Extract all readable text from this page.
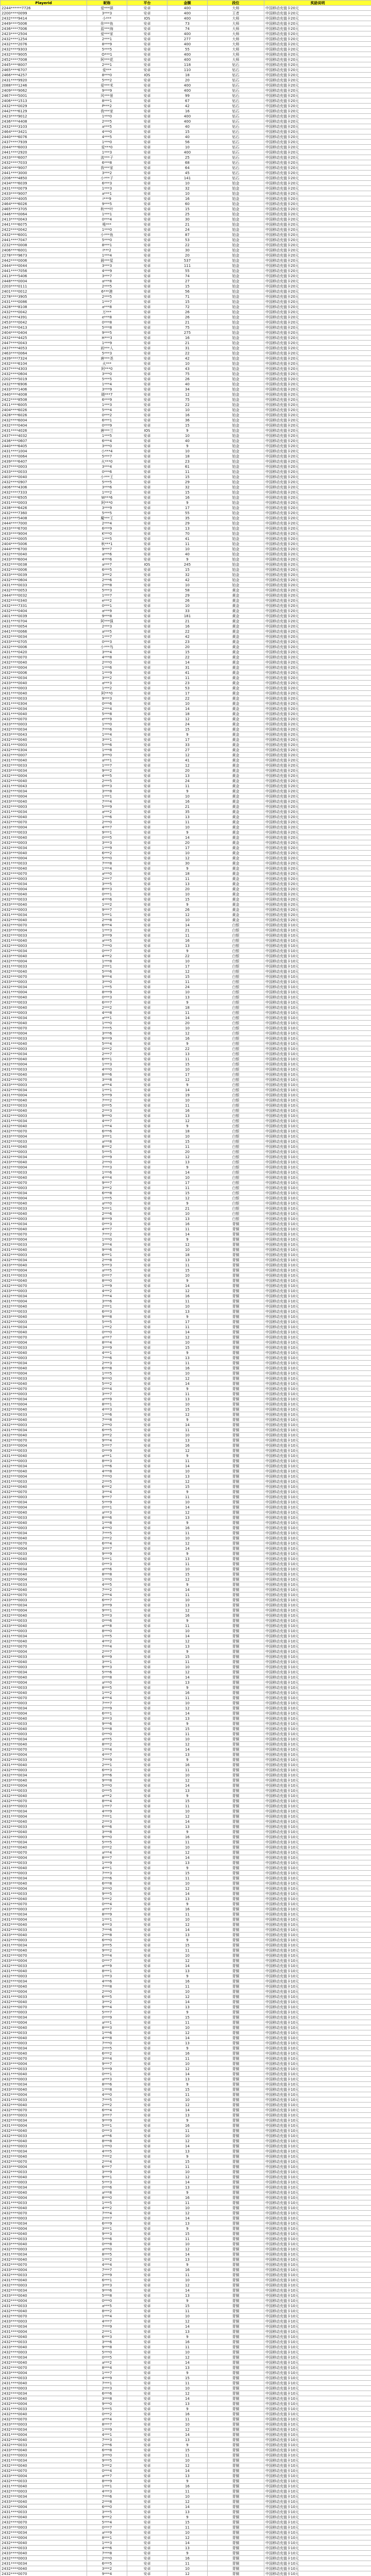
Playerid	昵称	平台	金额	段位	奖励说明
2244******7726	爱***骐	安卓	400	大师	中国移动充值卡20元
2200****0099	3***3	安卓	400	王者	中国移动充值卡20元
2432****9414	小***	IOS	400	大师	中国移动充值卡20元
2449****5006	你***鱼	安卓	73	大师	中国移动充值卡20元
2436****7006	蓝***海	安卓	74	大师	中国移动充值卡20元
2423****2504	爱***家	安卓	400	大师	中国移动充值卡20元
2432****1254	2***1	安卓	277	大师	中国移动充值卡20元
2432****2076	8***9	安卓	400	大师	中国移动充值卡20元
2432****9303	5***5	安卓	55	大师	中国移动充值卡20元
2432****9005	O***1	安卓	400	大师	中国移动充值卡20元
2452****7008	阿***花	安卓	400	大师	中国移动充值卡20元
2445****8007	2***1	安卓	118	钻石	中国移动充值卡20元
2465****6707	爱***	安卓	110	钻石	中国移动充值卡20元
2466****4257	8***0	IOS	18	钻石	中国移动充值卡20元
2431****9920	5***2	安卓	20	钻石	中国移动充值卡20元
2088****1246	爱***米	安卓	400	钻石	中国移动充值卡20元
2409****9062	9***9	安卓	400	钻石	中国移动充值卡20元
2467****5001	风***景	安卓	99	钻石	中国移动充值卡20元
2406****1513	8***1	安卓	67	钻石	中国移动充值卡20元
2432****0029	P***2	安卓	42	钻石	中国移动充值卡20元
2442****6129	我***家	安卓	16	钻石	中国移动充值卡20元
2423****9012	1***0	安卓	400	钻石	中国移动充值卡20元
2436****4408	2***5	安卓	400	钻石	中国移动充值卡20元
2432****3103	a***5	安卓	40	钻石	中国移动充值卡20元
2464****3421	4***0	安卓	15	钻石	中国移动充值卡20元
2440****6076	4***5	安卓	40	钻石	中国移动充值卡20元
2437****7939	1***0	安卓	56	钻石	中国移动充值卡20元
2044****6003	爱***0	安卓	10	钻石	中国移动充值卡20元
2441****2920	1***3	安卓	400	钻石	中国移动充值卡20元
2433****6007	流***子	安卓	25	钻石	中国移动充值卡20元
2432****7033	6***8	安卓	68	钻石	中国移动充值卡20元
2404****9007	我***家	安卓	64	钻石	中国移动充值卡20元
2441****3000	3***2	安卓	45	钻石	中国移动充值卡20元
2206****4850	小***子	安卓	141	钻石	中国移动充值卡20元
2434****6039	6***3	安卓	10	铂金	中国移动充值卡20元
2431****0079	1***3	安卓	32	铂金	中国移动充值卡20元
2433****9007	a***1	安卓	10	铂金	中国移动充值卡20元
2205****4005	i***9	安卓	16	铂金	中国移动充值卡20元
2464****6026	9***5	安卓	60	铂金	中国移动充值卡20元
2465****3705	秋***叶	安卓	15	铂金	中国移动充值卡20元
2446****0064	1***1	安卓	25	铂金	中国移动充值卡20元
2413****0043	0***4	安卓	30	铂金	中国移动充值卡20元
2441****6075	唯***	安卓	21	铂金	中国移动充值卡20元
2422****0042	1***0	安卓	24	铂金	中国移动充值卡20元
2432****6001	小***鱼	安卓	87	铂金	中国移动充值卡20元
2441****7047	5***0	安卓	53	铂金	中国移动充值卡20元
2232****0008	8***1	安卓	22	铂金	中国移动充值卡20元
2406****6001	I***2	安卓	30	铂金	中国移动充值卡20元
2278****9673	1***4	安卓	20	铂金	中国移动充值卡20元
2442****0006	晨***星	安卓	537	铂金	中国移动充值卡20元
2444****0044	3***3	安卓	111	铂金	中国移动充值卡20元
2441****7056	4***9	安卓	55	铂金	中国移动充值卡20元
2413****5406	3***7	安卓	74	铂金	中国移动充值卡20元
2448****0004	a***8	安卓	27	铂金	中国移动充值卡20元
2203****0111	2***5	安卓	15	铂金	中国移动充值卡20元
2401****0012	6***港	安卓	56	铂金	中国移动充值卡20元
2278****3905	2***5	安卓	71	铂金	中国移动充值卡20元
2431****0086	1***7	安卓	15	铂金	中国移动充值卡20元
2428****8108	a***8	安卓	72	铂金	中国移动充值卡20元
2432****0042	万***	安卓	26	铂金	中国移动充值卡20元
2422****4391	e***8	安卓	26	铂金	中国移动充值卡20元
2453****0042	0***8	安卓	21	铂金	中国移动充值卡20元
2447****0413	5***8	安卓	75	铂金	中国移动充值卡20元
2404****0404	9***5	安卓	275	铂金	中国移动充值卡20元
2432****4425	H***3	安卓	16	铂金	中国移动充值卡20元
2447****0043	1***9	安卓	21	铂金	中国移动充值卡20元
2437****4053	雨***人	安卓	31	铂金	中国移动充值卡20元
2463****0064	5***3	安卓	22	铂金	中国移动充值卡20元
2439****7324	唐***尧	安卓	42	铂金	中国移动充值卡20元
2432****6104	火***	安卓	10	铂金	中国移动充值卡20元
2437****4303	阿***0	安卓	43	铂金	中国移动充值卡20元
2432****0604	3***0	安卓	75	铂金	中国移动充值卡20元
2202****5019	5***5	安卓	26	铂金	中国移动充值卡20元
2432****6906	1***4	安卓	40	铂金	中国移动充值卡20元
2433****1406	3***9	安卓	34	铂金	中国移动充值卡20元
2440****4008	晓***7	安卓	12	铂金	中国移动充值卡20元
2422****8508	6***9	安卓	75	铂金	中国移动充值卡20元
2411****6005	1***3	安卓	22	铂金	中国移动充值卡20元
2404****6026	5***4	安卓	10	铂金	中国移动充值卡20元
2428****6026	0***2	安卓	16	铂金	中国移动充值卡20元
2432****6004	6***1	安卓	36	铂金	中国移动充值卡20元
2432****0404	0***9	安卓	15	铂金	中国移动充值卡20元
2431****4026	唐***兰	IOS	9	铂金	中国移动充值卡20元
2437****4032	1***5	安卓	10	铂金	中国移动充值卡20元
2436****0607	6***4	安卓	40	铂金	中国移动充值卡20元
2440****6405	3***0	安卓	9	铂金	中国移动充值卡20元
2431****1004	小***4	安卓	10	铂金	中国移动充值卡20元
2431****0064	5***7	安卓	18	铂金	中国移动充值卡20元
2439****6407	火***0	安卓	23	铂金	中国移动充值卡20元
2437****0003	3***4	安卓	61	铂金	中国移动充值卡20元
2433****0033	0***6	安卓	11	铂金	中国移动充值卡20元
2403****0040	小***王	安卓	15	铂金	中国移动充值卡20元
2432****0907	5***5	安卓	29	铂金	中国移动充值卡20元
2406****4306	3***6	安卓	32	铂金	中国移动充值卡20元
2432****7333	1***2	安卓	15	铂金	中国移动充值卡20元
2432****6505	W***6	安卓	16	铂金	中国移动充值卡20元
2431****0003	阿***0	安卓	9	铂金	中国移动充值卡20元
2438****6426	3***9	安卓	17	铂金	中国移动充值卡20元
2432****7360	5***5	安卓	55	铂金	中国移动充值卡20元
2433****5408	魔***王	安卓	35	铂金	中国移动充值卡20元
2444****7000	2***4	安卓	29	铂金	中国移动充值卡20元
2433****6700	6***9	安卓	13	铂金	中国移动充值卡20元
2433****9004	K***0	安卓	70	铂金	中国移动充值卡20元
2432****0005	1***5	安卓	41	铂金	中国移动充值卡20元
2404****5006	秋***1	安卓	11	铂金	中国移动充值卡20元
2444****6700	9***7	安卓	10	铂金	中国移动充值卡20元
2432****0040	a***6	安卓	40	铂金	中国移动充值卡20元
2433****6004	4***6	安卓	9	铂金	中国移动充值卡20元
2432****0038	a***7	IOS	245	铂金	中国移动充值卡20元
2432****0006	6***5	安卓	15	铂金	中国移动充值卡20元
2433****0039	3***2	安卓	32	铂金	中国移动充值卡20元
2432****0604	2***6	安卓	42	铂金	中国移动充值卡20元
2431****0033	2***8	安卓	10	铂金	中国移动充值卡20元
2432****0053	5***3	安卓	58	黄金	中国移动充值卡20元
2444****0032	1***7	安卓	29	黄金	中国移动充值卡20元
2432****0340	e***2	安卓	26	黄金	中国移动充值卡20元
2432****7331	0***1	安卓	10	黄金	中国移动充值卡20元
2432****0404	a***9	安卓	33	黄金	中国移动充值卡20元
2401****0039	9***8	安卓	181	黄金	中国移动充值卡20元
2431****0704	阿***强	安卓	21	黄金	中国移动充值卡20元
2432****0054	2***3	安卓	16	黄金	中国移动充值卡20元
2441****0066	a***5	安卓	22	黄金	中国移动充值卡20元
2432****0034	1***7	安卓	42	黄金	中国移动充值卡20元
2433****0705	0***3	安卓	23	黄金	中国移动充值卡20元
2432****0006	小***鸟	安卓	20	黄金	中国移动充值卡20元
2431****0420	3***4	安卓	15	黄金	中国移动充值卡20元
2432****0070	4***8	安卓	22	黄金	中国移动充值卡20元
2432****0040	2***0	安卓	14	黄金	中国移动充值卡20元
2433****0004	1***6	安卓	31	黄金	中国移动充值卡20元
2432****0006	1***9	安卓	41	黄金	中国移动充值卡20元
2432****0034	3***2	安卓	11	黄金	中国移动充值卡20元
2433****0040	a***3	安卓	23	黄金	中国移动充值卡20元
2432****0003	1***2	安卓	53	黄金	中国移动充值卡20元
2431****0040	阿***0	安卓	17	黄金	中国移动充值卡20元
2432****0033	9***3	安卓	22	黄金	中国移动充值卡20元
2431****0304	0***6	安卓	10	黄金	中国移动充值卡20元
2432****0034	2***4	安卓	14	黄金	中国移动充值卡20元
2431****0040	5***8	安卓	18	黄金	中国移动充值卡20元
2432****0070	e***9	安卓	12	黄金	中国移动充值卡20元
2433****0003	1***0	安卓	24	黄金	中国移动充值卡20元
2432****0034	7***6	安卓	15	黄金	中国移动充值卡20元
2433****0043	1***4	安卓	9	黄金	中国移动充值卡20元
2432****0040	3***1	安卓	17	黄金	中国移动充值卡20元
2431****0003	5***6	安卓	33	黄金	中国移动充值卡20元
2432****0304	1***8	安卓	27	黄金	中国移动充值卡20元
2432****0007	3***0	安卓	12	黄金	中国移动充值卡20元
2431****0040	a***1	安卓	41	黄金	中国移动充值卡20元
2432****0033	1***7	安卓	12	黄金	中国移动充值卡20元
2433****0034	9***2	安卓	20	黄金	中国移动充值卡20元
2432****0004	4***5	安卓	13	黄金	中国移动充值卡20元
2432****0040	2***5	安卓	24	黄金	中国移动充值卡20元
2431****0043	0***3	安卓	11	黄金	中国移动充值卡20元
2432****0034	3***8	安卓	9	黄金	中国移动充值卡20元
2432****0004	1***1	安卓	10	黄金	中国移动充值卡20元
2433****0040	7***4	安卓	16	黄金	中国移动充值卡20元
2432****0003	5***9	安卓	21	黄金	中国移动充值卡20元
2431****0034	a***2	安卓	35	黄金	中国移动充值卡20元
2432****0040	1***6	安卓	13	黄金	中国移动充值卡20元
2432****0070	2***0	安卓	11	黄金	中国移动充值卡20元
2433****0004	4***7	安卓	10	黄金	中国移动充值卡20元
2432****0033	9***1	安卓	9	黄金	中国移动充值卡20元
2431****0040	0***5	安卓	14	黄金	中国移动充值卡20元
2432****0003	3***3	安卓	20	黄金	中国移动充值卡20元
2432****0034	1***9	安卓	17	黄金	中国移动充值卡20元
2433****0040	6***2	安卓	10	黄金	中国移动充值卡20元
2432****0004	5***0	安卓	12	黄金	中国移动充值卡20元
2431****0033	7***8	安卓	30	黄金	中国移动充值卡20元
2432****0040	1***4	安卓	9	黄金	中国移动充值卡20元
2432****0070	a***0	安卓	18	黄金	中国移动充值卡20元
2433****0003	2***7	安卓	11	黄金	中国移动充值卡20元
2432****0034	3***5	安卓	13	黄金	中国移动充值卡20元
2431****0004	8***3	安卓	20	黄金	中国移动充值卡20元
2432****0040	0***1	安卓	10	黄金	中国移动充值卡20元
2432****0033	4***6	安卓	15	黄金	中国移动充值卡20元
2433****0040	1***2	安卓	9	黄金	中国移动充值卡20元
2432****0003	9***7	安卓	26	黄金	中国移动充值卡20元
2431****0034	5***1	安卓	12	黄金	中国移动充值卡20元
2432****0040	2***8	安卓	10	黄金	中国移动充值卡20元
2432****0070	6***4	安卓	14	白银	中国移动充值卡10元
2433****0004	1***3	安卓	21	白银	中国移动充值卡10元
2432****0033	3***9	安卓	11	白银	中国移动充值卡10元
2431****0040	a***5	安卓	16	白银	中国移动充值卡10元
2432****0003	7***0	安卓	13	白银	中国移动充值卡10元
2432****0034	0***7	安卓	9	白银	中国移动充值卡10元
2433****0040	4***2	安卓	22	白银	中国移动充值卡10元
2432****0004	1***8	安卓	10	白银	中国移动充值卡10元
2431****0033	2***1	安卓	17	白银	中国移动充值卡10元
2432****0040	5***6	安卓	12	白银	中国移动充值卡10元
2432****0070	9***4	安卓	15	白银	中国移动充值卡10元
2433****0003	3***0	安卓	11	白银	中国移动充值卡10元
2432****0034	1***5	安卓	24	白银	中国移动充值卡10元
2431****0004	8***9	安卓	10	白银	中国移动充值卡10元
2432****0040	0***3	安卓	13	白银	中国移动充值卡10元
2432****0033	6***7	安卓	9	白银	中国移动充值卡10元
2433****0040	2***2	安卓	18	白银	中国移动充值卡10元
2432****0003	4***8	安卓	11	白银	中国移动充值卡10元
2431****0034	a***1	安卓	14	白银	中国移动充值卡10元
2432****0040	1***0	安卓	20	白银	中国移动充值卡10元
2432****0070	7***5	安卓	10	白银	中国移动充值卡10元
2433****0004	3***6	安卓	12	白银	中国移动充值卡10元
2432****0033	9***9	安卓	16	白银	中国移动充值卡10元
2431****0040	5***4	安卓	9	白银	中国移动充值卡10元
2432****0003	0***2	安卓	22	白银	中国移动充值卡10元
2432****0034	2***7	安卓	13	白银	中国移动充值卡10元
2433****0040	6***1	安卓	11	白银	中国移动充值卡10元
2432****0004	1***3	安卓	15	白银	中国移动充值卡10元
2431****0033	4***0	安卓	10	白银	中国移动充值卡10元
2432****0040	8***6	安卓	17	白银	中国移动充值卡10元
2432****0070	3***8	安卓	12	白银	中国移动充值卡10元
2433****0003	a***4	安卓	9	白银	中国移动充值卡10元
2432****0034	1***1	安卓	14	白银	中国移动充值卡10元
2431****0004	5***9	安卓	19	白银	中国移动充值卡10元
2432****0040	7***2	安卓	10	白银	中国移动充值卡10元
2432****0033	0***5	安卓	11	白银	中国移动充值卡10元
2433****0040	2***3	安卓	16	白银	中国移动充值卡10元
2432****0003	9***0	安卓	13	白银	中国移动充值卡10元
2431****0034	4***7	安卓	12	白银	中国移动充值卡10元
2432****0040	1***4	安卓	9	白银	中国移动充值卡10元
2432****0070	6***6	安卓	18	白银	中国移动充值卡10元
2433****0004	3***1	安卓	10	白银	中国移动充值卡10元
2432****0033	a***8	安卓	15	白银	中国移动充值卡10元
2431****0040	8***2	安卓	11	白银	中国移动充值卡10元
2432****0003	5***5	安卓	20	白银	中国移动充值卡10元
2432****0034	0***9	安卓	12	白银	中国移动充值卡10元
2433****0040	2***0	安卓	13	白银	中国移动充值卡10元
2432****0004	7***3	安卓	9	白银	中国移动充值卡10元
2431****0033	1***6	安卓	14	白银	中国移动充值卡10元
2432****0040	4***4	安卓	10	白银	中国移动充值卡10元
2432****0070	9***7	安卓	17	白银	中国移动充值卡10元
2433****0003	3***2	安卓	11	白银	中国移动充值卡10元
2432****0034	6***8	安卓	15	白银	中国移动充值卡10元
2431****0004	1***5	安卓	12	白银	中国移动充值卡10元
2432****0040	a***0	安卓	9	白银	中国移动充值卡10元
2432****0033	5***1	安卓	21	白银	中国移动充值卡10元
2433****0040	2***6	安卓	10	白银	中国移动充值卡10元
2432****0003	8***9	安卓	13	白银	中国移动充值卡10元
2431****0034	0***3	安卓	16	青铜	中国移动充值卡10元
2432****0040	4***7	安卓	11	青铜	中国移动充值卡10元
2432****0070	7***2	安卓	14	青铜	中国移动充值卡10元
2433****0004	1***0	安卓	9	青铜	中国移动充值卡10元
2432****0033	3***4	安卓	12	青铜	中国移动充值卡10元
2431****0040	9***6	安卓	10	青铜	中国移动充值卡10元
2432****0003	6***1	安卓	18	青铜	中国移动充值卡10元
2432****0034	2***8	安卓	13	青铜	中国移动充值卡10元
2433****0040	5***3	安卓	11	青铜	中国移动充值卡10元
2432****0004	a***5	安卓	15	青铜	中国移动充值卡10元
2431****0033	0***7	安卓	10	青铜	中国移动充值卡10元
2432****0040	8***0	安卓	9	青铜	中国移动充值卡10元
2432****0070	1***9	安卓	14	青铜	中国移动充值卡10元
2433****0003	4***2	安卓	12	青铜	中国移动充值卡10元
2432****0034	7***4	安卓	16	青铜	中国移动充值卡10元
2431****0004	3***6	安卓	11	青铜	中国移动充值卡10元
2432****0040	2***1	安卓	10	青铜	中国移动充值卡10元
2432****0033	6***3	安卓	13	青铜	中国移动充值卡10元
2433****0040	9***8	安卓	9	青铜	中国移动充值卡10元
2432****0003	5***5	安卓	17	青铜	中国移动充值卡10元
2431****0034	1***2	安卓	11	青铜	中国移动充值卡10元
2432****0040	0***0	安卓	14	青铜	中国移动充值卡10元
2432****0070	a***7	安卓	12	青铜	中国移动充值卡10元
2433****0004	8***4	安卓	10	青铜	中国移动充值卡10元
2432****0033	3***9	安卓	15	青铜	中国移动充值卡10元
2431****0040	4***1	安卓	9	青铜	中国移动充值卡10元
2432****0003	7***6	安卓	13	青铜	中国移动充值卡10元
2432****0034	2***3	安卓	11	青铜	中国移动充值卡10元
2433****0040	6***8	安卓	16	青铜	中国移动充值卡10元
2432****0004	1***5	安卓	10	青铜	中国移动充值卡10元
2431****0033	9***0	安卓	12	青铜	中国移动充值卡10元
2432****0040	5***2	安卓	14	青铜	中国移动充值卡10元
2432****0070	0***4	安卓	9	青铜	中国移动充值卡10元
2433****0003	3***7	安卓	11	青铜	中国移动充值卡10元
2432****0034	a***9	安卓	13	青铜	中国移动充值卡10元
2431****0004	8***1	安卓	10	青铜	中国移动充值卡10元
2432****0040	4***3	安卓	15	青铜	中国移动充值卡10元
2432****0033	1***6	安卓	12	青铜	中国移动充值卡10元
2433****0040	7***8	安卓	9	青铜	中国移动充值卡10元
2432****0003	2***0	安卓	14	青铜	中国移动充值卡10元
2431****0034	6***5	安卓	11	青铜	中国移动充值卡10元
2432****0040	3***2	安卓	10	青铜	中国移动充值卡10元
2432****0070	9***4	安卓	13	青铜	中国移动充值卡10元
2433****0004	5***7	安卓	16	青铜	中国移动充值卡10元
2432****0033	0***9	安卓	12	青铜	中国移动充值卡10元
2431****0040	a***1	安卓	9	青铜	中国移动充值卡10元
2432****0003	8***3	安卓	11	青铜	中国移动充值卡10元
2432****0034	1***6	安卓	14	青铜	中国移动充值卡10元
2433****0040	4***8	安卓	10	青铜	中国移动充值卡10元
2432****0004	7***0	安卓	13	青铜	中国移动充值卡10元
2431****0033	2***5	安卓	12	青铜	中国移动充值卡10元
2432****0040	6***2	安卓	15	青铜	中国移动充值卡10元
2432****0070	3***4	安卓	9	青铜	中国移动充值卡10元
2433****0003	9***7	安卓	11	青铜	中国移动充值卡10元
2432****0034	5***9	安卓	10	青铜	中国移动充值卡10元
2431****0004	0***1	安卓	14	青铜	中国移动充值卡10元
2432****0040	a***3	安卓	12	青铜	中国移动充值卡10元
2432****0033	8***6	安卓	13	青铜	中国移动充值卡10元
2433****0040	1***8	安卓	9	青铜	中国移动充值卡10元
2432****0003	4***0	安卓	16	青铜	中国移动充值卡10元
2431****0034	7***5	安卓	11	青铜	中国移动充值卡10元
2432****0040	2***2	安卓	10	青铜	中国移动充值卡10元
2432****0070	6***4	安卓	12	青铜	中国移动充值卡10元
2433****0004	3***7	安卓	14	青铜	中国移动充值卡10元
2432****0033	9***9	安卓	9	青铜	中国移动充值卡10元
2431****0040	5***1	安卓	13	青铜	中国移动充值卡10元
2432****0003	0***3	安卓	11	青铜	中国移动充值卡10元
2432****0034	a***6	安卓	10	青铜	中国移动充值卡10元
2433****0040	8***8	安卓	15	青铜	中国移动充值卡10元
2432****0004	1***0	安卓	12	青铜	中国移动充值卡10元
2431****0033	4***5	安卓	9	青铜	中国移动充值卡10元
2432****0040	7***2	安卓	14	青铜	中国移动充值卡10元
2432****0070	2***4	安卓	11	青铜	中国移动充值卡10元
2433****0003	6***7	安卓	10	青铜	中国移动充值卡10元
2432****0034	3***9	安卓	13	青铜	中国移动充值卡10元
2431****0004	9***1	安卓	12	青铜	中国移动充值卡10元
2432****0040	5***3	安卓	16	青铜	中国移动充值卡10元
2432****0033	0***6	安卓	9	青铜	中国移动充值卡10元
2433****0040	a***8	安卓	11	青铜	中国移动充值卡10元
2432****0003	8***0	安卓	10	青铜	中国移动充值卡10元
2431****0034	1***5	安卓	14	青铜	中国移动充值卡10元
2432****0040	4***2	安卓	12	青铜	中国移动充值卡10元
2432****0070	7***4	安卓	13	青铜	中国移动充值卡10元
2433****0004	2***7	安卓	9	青铜	中国移动充值卡10元
2432****0033	6***9	安卓	15	青铜	中国移动充值卡10元
2431****0040	3***1	安卓	11	青铜	中国移动充值卡10元
2432****0003	9***3	安卓	10	青铜	中国移动充值卡10元
2432****0034	5***6	安卓	12	青铜	中国移动充值卡10元
2433****0040	0***8	安卓	14	青铜	中国移动充值卡10元
2432****0004	a***0	安卓	13	青铜	中国移动充值卡10元
2431****0033	8***5	安卓	9	青铜	中国移动充值卡10元
2432****0040	1***2	安卓	16	青铜	中国移动充值卡10元
2432****0070	4***4	安卓	11	青铜	中国移动充值卡10元
2433****0003	7***7	安卓	10	青铜	中国移动充值卡10元
2432****0034	2***9	安卓	12	青铜	中国移动充值卡10元
2431****0004	6***1	安卓	14	青铜	中国移动充值卡10元
2432****0040	3***3	安卓	13	青铜	中国移动充值卡10元
2432****0033	9***6	安卓	9	青铜	中国移动充值卡10元
2433****0040	5***8	安卓	15	青铜	中国移动充值卡10元
2432****0003	0***0	安卓	11	青铜	中国移动充值卡10元
2431****0034	a***5	安卓	10	青铜	中国移动充值卡10元
2432****0040	8***2	安卓	12	青铜	中国移动充值卡10元
2432****0070	1***4	安卓	14	青铜	中国移动充值卡10元
2433****0004	4***7	安卓	13	青铜	中国移动充值卡10元
2432****0033	7***9	安卓	9	青铜	中国移动充值卡10元
2431****0040	2***1	安卓	16	青铜	中国移动充值卡10元
2432****0003	6***3	安卓	11	青铜	中国移动充值卡10元
2432****0034	3***6	安卓	10	青铜	中国移动充值卡10元
2433****0040	9***8	安卓	12	青铜	中国移动充值卡10元
2432****0004	5***0	安卓	14	青铜	中国移动充值卡10元
2431****0033	0***5	安卓	13	青铜	中国移动充值卡10元
2432****0040	a***2	安卓	9	青铜	中国移动充值卡10元
2432****0070	8***4	安卓	15	青铜	中国移动充值卡10元
2433****0003	1***7	安卓	11	青铜	中国移动充值卡10元
2432****0034	4***9	安卓	10	青铜	中国移动充值卡10元
2431****0004	7***1	安卓	12	青铜	中国移动充值卡10元
2432****0040	2***3	安卓	14	青铜	中国移动充值卡10元
2432****0033	6***6	安卓	13	青铜	中国移动充值卡10元
2433****0040	3***8	安卓	9	青铜	中国移动充值卡10元
2432****0003	9***0	安卓	16	青铜	中国移动充值卡10元
2431****0034	5***5	安卓	11	青铜	中国移动充值卡10元
2432****0040	0***2	安卓	10	青铜	中国移动充值卡10元
2432****0070	a***4	安卓	12	青铜	中国移动充值卡10元
2433****0004	8***7	安卓	14	青铜	中国移动充值卡10元
2432****0033	1***9	安卓	13	青铜	中国移动充值卡10元
2431****0040	4***1	安卓	9	青铜	中国移动充值卡10元
2432****0003	7***3	安卓	15	青铜	中国移动充值卡10元
2432****0034	2***6	安卓	11	青铜	中国移动充值卡10元
2433****0040	6***8	安卓	10	青铜	中国移动充值卡10元
2432****0004	3***0	安卓	12	青铜	中国移动充值卡10元
2431****0033	9***5	安卓	14	青铜	中国移动充值卡10元
2432****0040	5***2	安卓	13	青铜	中国移动充值卡10元
2432****0070	0***4	安卓	9	青铜	中国移动充值卡10元
2433****0003	a***7	安卓	16	青铜	中国移动充值卡10元
2432****0034	8***9	安卓	11	青铜	中国移动充值卡10元
2431****0004	1***1	安卓	10	青铜	中国移动充值卡10元
2432****0040	4***3	安卓	12	青铜	中国移动充值卡10元
2432****0033	7***6	安卓	14	青铜	中国移动充值卡10元
2433****0040	2***8	安卓	13	青铜	中国移动充值卡10元
2432****0003	6***0	安卓	9	青铜	中国移动充值卡10元
2431****0034	3***5	安卓	15	青铜	中国移动充值卡10元
2432****0040	9***2	安卓	11	青铜	中国移动充值卡10元
2432****0070	5***4	安卓	10	青铜	中国移动充值卡10元
2433****0004	0***7	安卓	12	青铜	中国移动充值卡10元
2432****0033	a***9	安卓	14	青铜	中国移动充值卡10元
2431****0040	8***1	安卓	13	青铜	中国移动充值卡10元
2432****0003	1***3	安卓	9	青铜	中国移动充值卡10元
2432****0034	4***6	安卓	16	青铜	中国移动充值卡10元
2433****0040	7***8	安卓	11	青铜	中国移动充值卡10元
2432****0004	2***0	安卓	10	青铜	中国移动充值卡10元
2431****0033	6***5	安卓	12	青铜	中国移动充值卡10元
2432****0040	3***2	安卓	14	青铜	中国移动充值卡10元
2432****0070	9***4	安卓	13	青铜	中国移动充值卡10元
2433****0003	5***7	安卓	9	青铜	中国移动充值卡10元
2432****0034	0***9	安卓	15	青铜	中国移动充值卡10元
2431****0004	a***1	安卓	11	青铜	中国移动充值卡10元
2432****0040	8***3	安卓	10	青铜	中国移动充值卡10元
2432****0033	1***6	安卓	12	青铜	中国移动充值卡10元
2433****0040	4***8	安卓	14	青铜	中国移动充值卡10元
2432****0003	7***0	安卓	13	青铜	中国移动充值卡10元
2431****0034	2***5	安卓	9	青铜	中国移动充值卡10元
2432****0040	6***2	安卓	16	青铜	中国移动充值卡10元
2432****0070	3***4	安卓	11	青铜	中国移动充值卡10元
2433****0004	9***7	安卓	10	青铜	中国移动充值卡10元
2432****0033	5***9	安卓	12	青铜	中国移动充值卡10元
2431****0040	0***1	安卓	14	青铜	中国移动充值卡10元
2432****0003	a***3	安卓	13	青铜	中国移动充值卡10元
2432****0034	8***6	安卓	9	青铜	中国移动充值卡10元
2433****0040	1***8	安卓	15	青铜	中国移动充值卡10元
2432****0004	4***0	安卓	11	青铜	中国移动充值卡10元
2431****0033	7***5	安卓	10	青铜	中国移动充值卡10元
2432****0040	2***2	安卓	12	青铜	中国移动充值卡10元
2432****0070	6***4	安卓	14	青铜	中国移动充值卡10元
2433****0003	3***7	安卓	13	青铜	中国移动充值卡10元
2432****0034	9***9	安卓	9	青铜	中国移动充值卡10元
2431****0004	5***1	安卓	16	青铜	中国移动充值卡10元
2432****0040	0***3	安卓	11	青铜	中国移动充值卡10元
2432****0033	a***6	安卓	10	青铜	中国移动充值卡10元
2433****0040	8***8	安卓	12	青铜	中国移动充值卡10元
2432****0003	1***0	安卓	14	青铜	中国移动充值卡10元
2431****0034	4***5	安卓	13	青铜	中国移动充值卡10元
2432****0040	7***2	安卓	9	青铜	中国移动充值卡10元
2432****0070	2***4	安卓	15	青铜	中国移动充值卡10元
2433****0004	6***7	安卓	11	青铜	中国移动充值卡10元
2432****0033	3***9	安卓	10	青铜	中国移动充值卡10元
2431****0040	9***1	安卓	12	青铜	中国移动充值卡10元
2432****0003	5***3	安卓	14	青铜	中国移动充值卡10元
2432****0034	0***6	安卓	13	青铜	中国移动充值卡10元
2433****0040	a***8	安卓	9	青铜	中国移动充值卡10元
2432****0004	8***0	安卓	16	青铜	中国移动充值卡10元
2431****0033	1***5	安卓	11	青铜	中国移动充值卡10元
2432****0040	4***2	安卓	10	青铜	中国移动充值卡10元
2432****0070	7***4	安卓	12	青铜	中国移动充值卡10元
2433****0003	2***7	安卓	14	青铜	中国移动充值卡10元
2432****0034	6***9	安卓	13	青铜	中国移动充值卡10元
2431****0004	3***1	安卓	9	青铜	中国移动充值卡10元
2432****0040	9***3	安卓	15	青铜	中国移动充值卡10元
2432****0033	5***6	安卓	11	青铜	中国移动充值卡10元
2433****0040	0***8	安卓	10	青铜	中国移动充值卡10元
2432****0003	a***0	安卓	12	青铜	中国移动充值卡10元
2431****0034	8***5	安卓	14	青铜	中国移动充值卡10元
2432****0040	1***2	安卓	13	青铜	中国移动充值卡10元
2432****0070	4***4	安卓	9	青铜	中国移动充值卡10元
2433****0004	7***7	安卓	16	青铜	中国移动充值卡10元
2432****0033	2***9	安卓	11	青铜	中国移动充值卡10元
2431****0040	6***1	安卓	10	青铜	中国移动充值卡10元
2432****0003	3***3	安卓	12	青铜	中国移动充值卡10元
2432****0034	9***6	安卓	14	青铜	中国移动充值卡10元
2433****0040	5***8	安卓	13	青铜	中国移动充值卡10元
2432****0004	0***0	安卓	9	青铜	中国移动充值卡10元
2431****0033	a***5	安卓	15	青铜	中国移动充值卡10元
2432****0040	8***2	安卓	11	青铜	中国移动充值卡10元
2432****0070	1***4	安卓	10	青铜	中国移动充值卡10元
2433****0003	4***7	安卓	12	青铜	中国移动充值卡10元
2432****0034	7***9	安卓	14	青铜	中国移动充值卡10元
2431****0004	2***1	安卓	13	青铜	中国移动充值卡10元
2432****0040	6***3	安卓	9	青铜	中国移动充值卡10元
2432****0033	3***6	安卓	16	青铜	中国移动充值卡10元
2433****0040	9***8	安卓	11	青铜	中国移动充值卡10元
2432****0003	5***0	安卓	10	青铜	中国移动充值卡10元
2431****0034	0***5	安卓	12	青铜	中国移动充值卡10元
2432****0040	a***2	安卓	14	青铜	中国移动充值卡10元
2432****0070	8***4	安卓	13	青铜	中国移动充值卡10元
2433****0004	1***7	安卓	9	青铜	中国移动充值卡10元
2432****0033	4***9	安卓	15	青铜	中国移动充值卡10元
2431****0040	7***1	安卓	11	青铜	中国移动充值卡10元
2432****0003	2***3	安卓	10	青铜	中国移动充值卡10元
2432****0034	6***6	安卓	12	青铜	中国移动充值卡10元
2433****0040	3***8	安卓	14	青铜	中国移动充值卡10元
2432****0004	9***0	安卓	13	青铜	中国移动充值卡10元
2431****0033	5***5	安卓	9	青铜	中国移动充值卡10元
2432****0040	0***2	安卓	16	青铜	中国移动充值卡10元
2432****0070	a***4	安卓	11	青铜	中国移动充值卡10元
2433****0003	8***7	安卓	10	青铜	中国移动充值卡10元
2432****0034	1***9	安卓	12	青铜	中国移动充值卡10元
2431****0004	4***1	安卓	14	青铜	中国移动充值卡10元
2432****0040	7***3	安卓	13	青铜	中国移动充值卡10元
2432****0033	2***6	安卓	9	青铜	中国移动充值卡10元
2433****0040	6***8	安卓	15	青铜	中国移动充值卡10元
2432****0003	3***0	安卓	11	青铜	中国移动充值卡10元
2431****0034	9***5	安卓	10	青铜	中国移动充值卡10元
2432****0040	5***2	安卓	12	青铜	中国移动充值卡10元
2432****0070	0***4	安卓	14	青铜	中国移动充值卡10元
2433****0004	a***7	安卓	13	青铜	中国移动充值卡10元
2432****0033	8***9	安卓	9	青铜	中国移动充值卡10元
2431****0040	1***1	安卓	16	青铜	中国移动充值卡10元
2432****0003	4***3	安卓	11	青铜	中国移动充值卡10元
2432****0034	7***6	安卓	10	青铜	中国移动充值卡10元
2433****0040	2***8	安卓	12	青铜	中国移动充值卡10元
2432****0004	6***0	安卓	14	青铜	中国移动充值卡10元
2431****0033	3***5	安卓	13	青铜	中国移动充值卡10元
2432****0040	9***2	安卓	9	青铜	中国移动充值卡10元
2432****0070	5***4	安卓	15	青铜	中国移动充值卡10元
2433****0003	0***7	安卓	11	青铜	中国移动充值卡10元
2432****0034	a***9	安卓	10	青铜	中国移动充值卡10元
2431****0004	8***1	安卓	12	青铜	中国移动充值卡10元
2432****0040	1***3	安卓	14	青铜	中国移动充值卡10元
2432****0033	4***6	安卓	13	青铜	中国移动充值卡10元
2433****0040	7***8	安卓	9	青铜	中国移动充值卡10元
2432****0003	2***0	安卓	16	青铜	中国移动充值卡10元
2431****0034	6***5	安卓	11	青铜	中国移动充值卡10元
2432****0040	3***2	安卓	10	青铜	中国移动充值卡10元
2432****0070	9***4	安卓	12	青铜	中国移动充值卡10元
